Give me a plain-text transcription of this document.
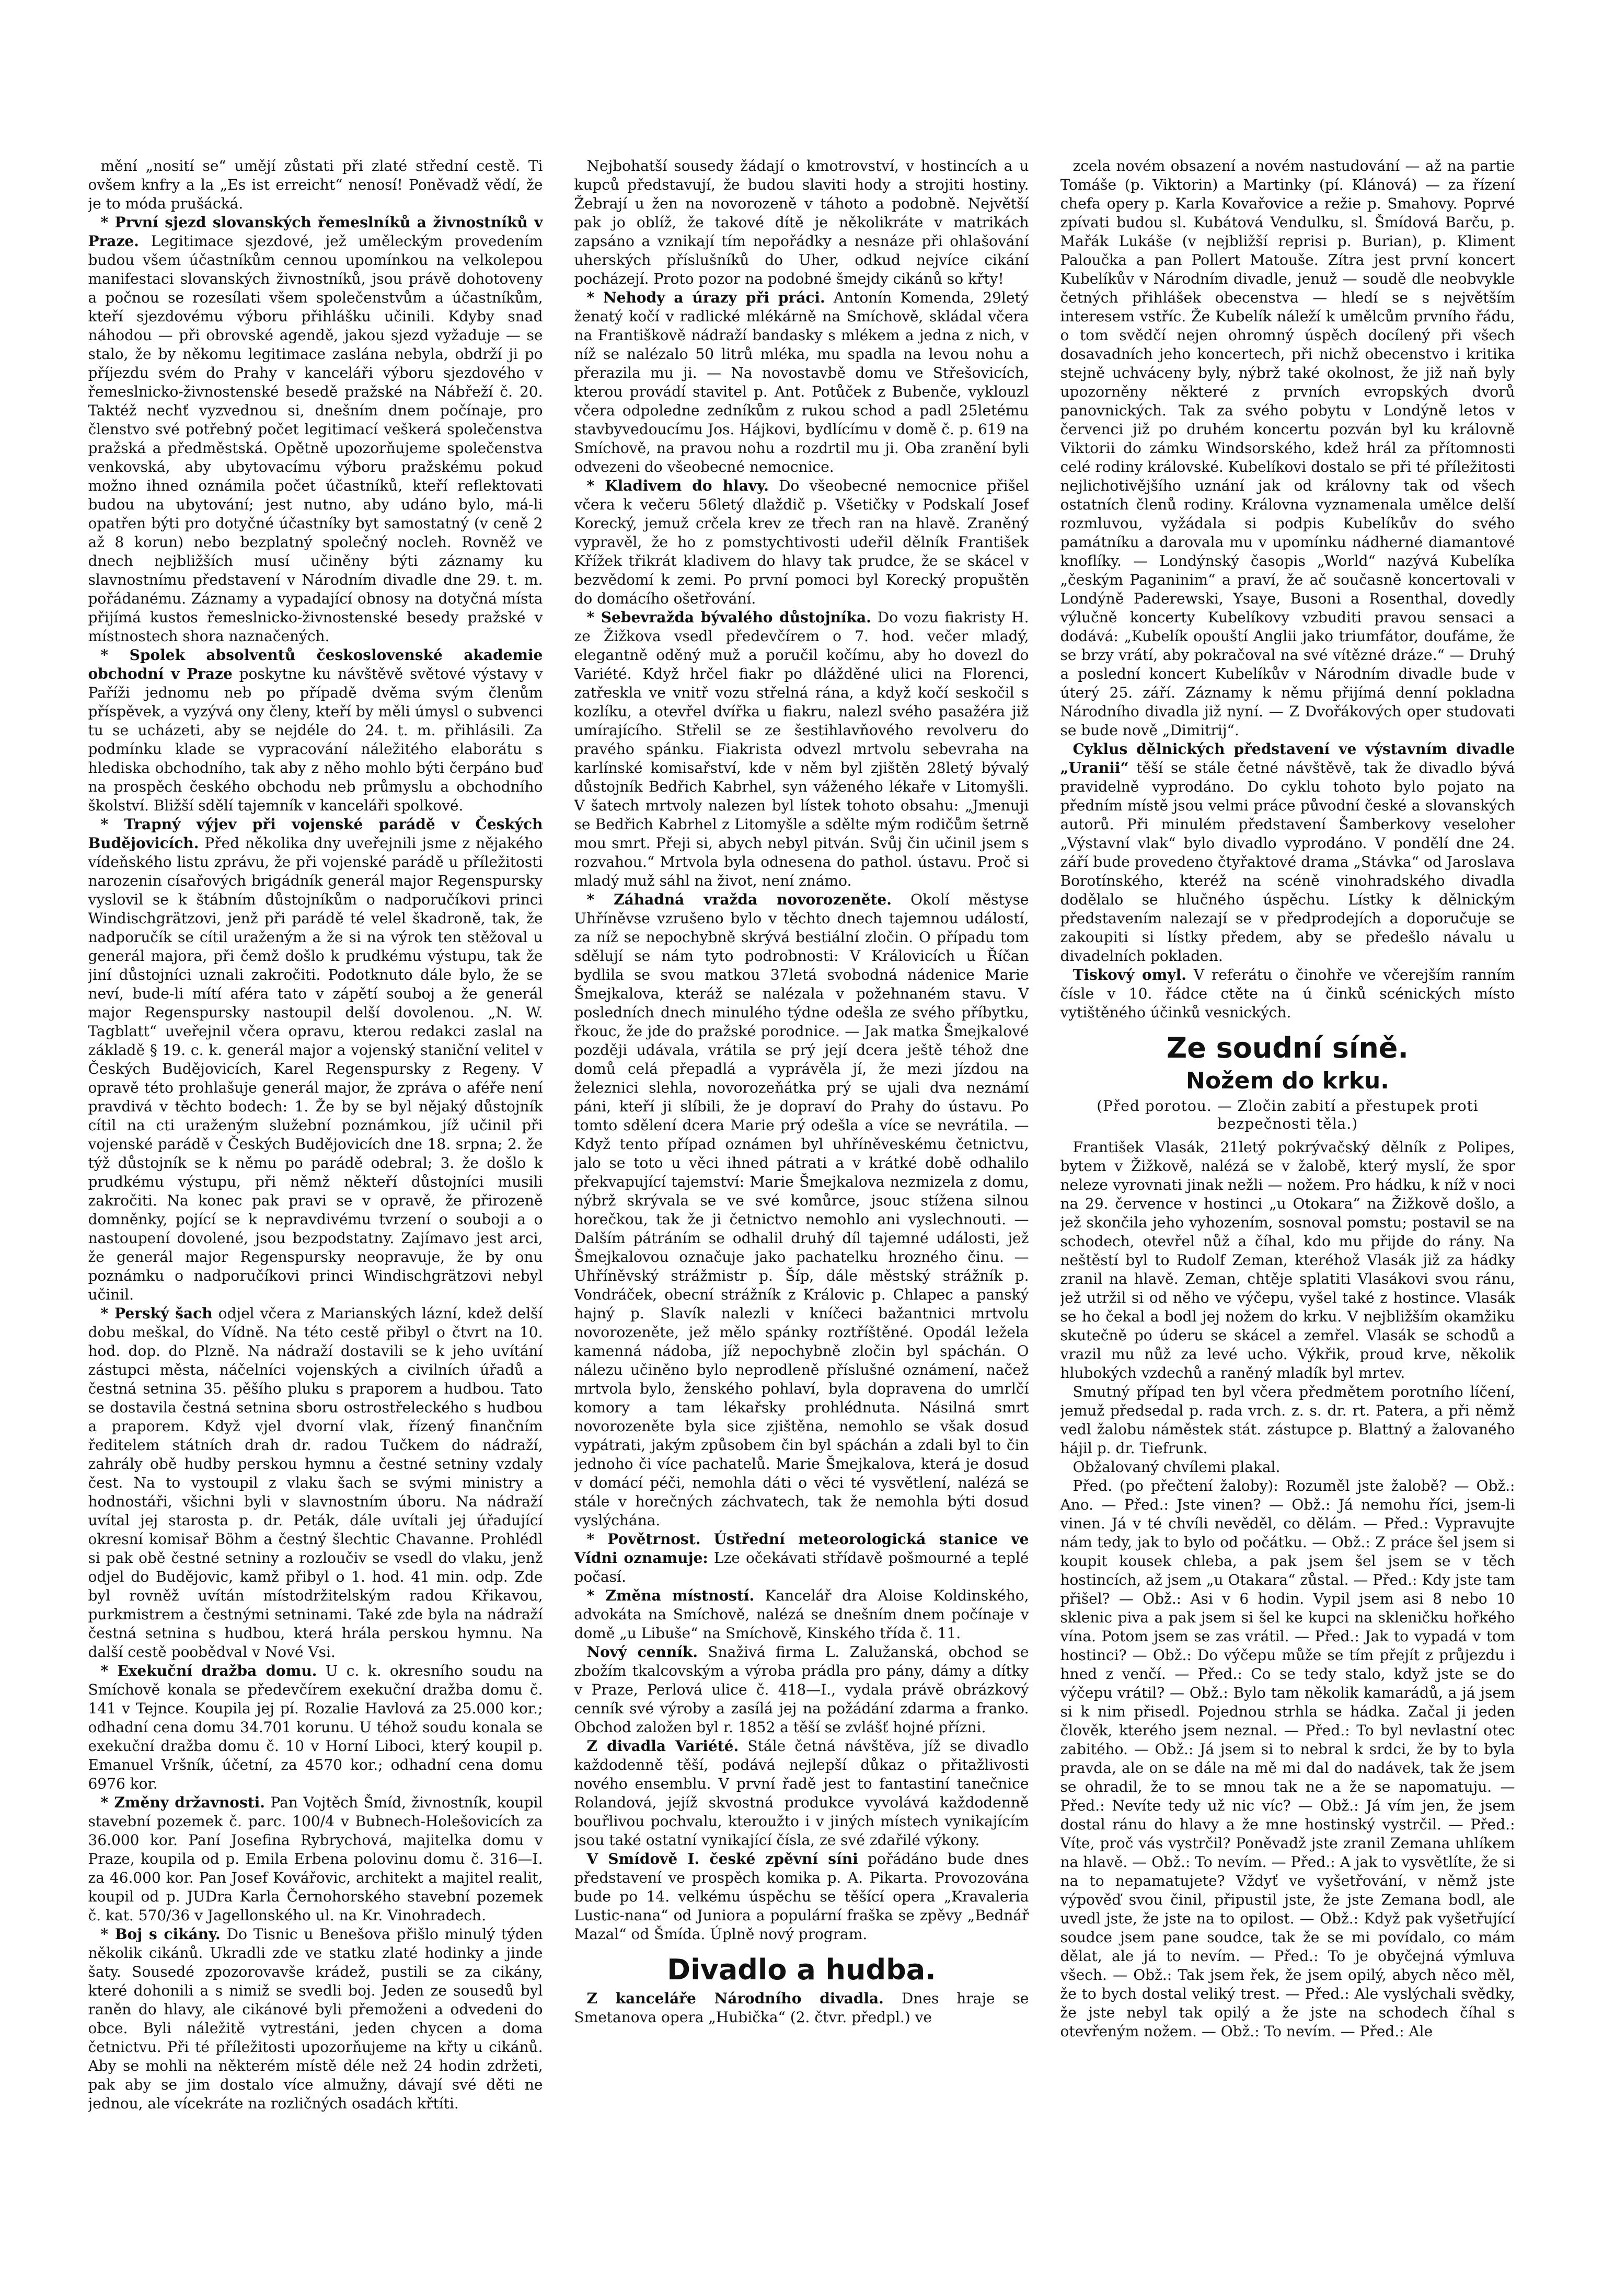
mění „nosití se“ umějí zůstati při zlaté střední cestě. Ti ovšem knfry a la „Es ist erreicht“ nenosí! Poněvadž vědí, že je to móda prušácká.

* První sjezd slovanských řemeslníků a živnostníků v Praze. Legitimace sjezdové, jež uměleckým provedením budou všem účastníkům cennou upomínkou na velkolepou manifestaci slovanských živnostníků, jsou právě dohotoveny a počnou se rozesílati všem společenstvům a účastníkům, kteří sjezdovému výboru přihlášku učinili. Kdyby snad náhodou — při obrovské agendě, jakou sjezd vyžaduje — se stalo, že by někomu legitimace zaslána nebyla, obdrží ji po příjezdu svém do Prahy v kanceláři výboru sjezdového v řemeslnicko-živnostenské besedě pražské na Nábřeží č. 20. Taktéž nechť vyzvednou si, dnešním dnem počínaje, pro členstvo své potřebný počet legitimací veškerá společenstva pražská a předměstská. Opětně upozorňujeme společenstva venkovská, aby ubytovacímu výboru pražskému pokud možno ihned oznámila počet účastníků, kteří reflektovati budou na ubytování; jest nutno, aby udáno bylo, má-li opatřen býti pro dotyčné účastníky byt samostatný (v ceně 2 až 8 korun) nebo bezplatný společný nocleh. Rovněž ve dnech nejbližších musí učiněny býti záznamy ku slavnostnímu představení v Národním divadle dne 29. t. m. pořádanému. Záznamy a vypadající obnosy na dotyčná místa přijímá kustos řemeslnicko-živnostenské besedy pražské v místnostech shora naznačených.

* Spolek absolventů československé akademie obchodní v Praze poskytne ku návštěvě světové výstavy v Paříži jednomu neb po případě dvěma svým členům příspěvek, a vyzývá ony členy, kteří by měli úmysl o subvenci tu se ucházeti, aby se nejdéle do 24. t. m. přihlásili. Za podmínku klade se vypracování náležitého elaborátu s hlediska obchodního, tak aby z něho mohlo býti čerpáno buď na prospěch českého obchodu neb průmyslu a obchodního školství. Bližší sdělí tajemník v kanceláři spolkové.

* Trapný výjev při vojenské parádě v Českých Budějovicích. Před několika dny uveřejnili jsme z nějakého vídeňského listu zprávu, že při vojenské parádě u příležitosti narozenin císařových brigádník generál major Regenspursky vyslovil se k štábním důstojníkům o nadporučíkovi princi Windischgrätzovi, jenž při parádě té velel škadroně, tak, že nadporučík se cítil uraženým a že si na výrok ten stěžoval u generál majora, při čemž došlo k prudkému výstupu, tak že jiní důstojníci uznali zakročiti. Podotknuto dále bylo, že se neví, bude-li mítí aféra tato v zápětí souboj a že generál major Regenspursky nastoupil delší dovolenou. „N. W. Tagblatt“ uveřejnil včera opravu, kterou redakci zaslal na základě § 19. c. k. generál major a vojenský staniční velitel v Českých Budějovicích, Karel Regenspursky z Regeny. V opravě této prohlašuje generál major, že zpráva o aféře není pravdivá v těchto bodech: 1. Že by se byl nějaký důstojník cítil na cti uraženým služební poznámkou, jíž učinil při vojenské parádě v Českých Budějovicích dne 18. srpna; 2. že týž důstojník se k němu po parádě odebral; 3. že došlo k prudkému výstupu, při němž někteří důstojníci musili zakročiti. Na konec pak pravi se v opravě, že přirozeně domněnky, pojící se k nepravdivému tvrzení o souboji a o nastoupení dovolené, jsou bezpodstatny. Zajímavo jest arci, že generál major Regenspursky neopravuje, že by onu poznámku o nadporučíkovi princi Windischgrätzovi nebyl učinil.

* Perský šach odjel včera z Marianských lázní, kdež delší dobu meškal, do Vídně. Na této cestě přibyl o čtvrt na 10. hod. dop. do Plzně. Na nádraží dostavili se k jeho uvítání zástupci města, náčelníci vojenských a civilních úřadů a čestná setnina 35. pěšího pluku s praporem a hudbou. Tato se dostavila čestná setnina sboru ostrostřeleckého s hudbou a praporem. Když vjel dvorní vlak, řízený finančním ředitelem státních drah dr. radou Tučkem do nádraží, zahrály obě hudby perskou hymnu a čestné setniny vzdaly čest. Na to vystoupil z vlaku šach se svými ministry a hodnostáři, všichni byli v slavnostním úboru. Na nádraží uvítal jej starosta p. dr. Peták, dále uvítali jej úřadující okresní komisař Böhm a čestný šlechtic Chavanne. Prohlédl si pak obě čestné setniny a rozloučiv se vsedl do vlaku, jenž odjel do Budějovic, kamž přibyl o 1. hod. 41 min. odp. Zde byl rovněž uvítán místodržitelským radou Křikavou, purkmistrem a čestnými setninami. Také zde byla na nádraží čestná setnina s hudbou, která hrála perskou hymnu. Na další cestě poobědval v Nové Vsi.

* Exekuční dražba domu. U c. k. okresního soudu na Smíchově konala se předevčírem exekuční dražba domu č. 141 v Tejnce. Koupila jej pí. Rozalie Havlová za 25.000 kor.; odhadní cena domu 34.701 korunu. U téhož soudu konala se exekuční dražba domu č. 10 v Horní Liboci, který koupil p. Emanuel Vršník, účetní, za 4570 kor.; odhadní cena domu 6976 kor.

* Změny državnosti. Pan Vojtěch Šmíd, živnostník, koupil stavební pozemek č. parc. 100/4 v Bubnech-Holešovicích za 36.000 kor. Paní Josefina Rybrychová, majitelka domu v Praze, koupila od p. Emila Erbena polovinu domu č. 316—I. za 46.000 kor. Pan Josef Kovářovic, architekt a majitel realit, koupil od p. JUDra Karla Černohorského stavební pozemek č. kat. 570/36 v Jagellonského ul. na Kr. Vinohradech.

* Boj s cikány. Do Tisnic u Benešova přišlo minulý týden několik cikánů. Ukradli zde ve statku zlaté hodinky a jinde šaty. Sousedé zpozorovavše krádež, pustili se za cikány, které dohonili a s nimiž se svedli boj. Jeden ze sousedů byl raněn do hlavy, ale cikánové byli přemoženi a odvedeni do obce. Byli náležitě vytrestáni, jeden chycen a doma četnictvu. Při té příležitosti upozorňujeme na křty u cikánů. Aby se mohli na některém místě déle než 24 hodin zdržeti, pak aby se jim dostalo více almužny, dávají své děti ne jednou, ale vícekráte na rozličných osadách křtíti.

Nejbohatší sousedy žádají o kmotrovství, v hostincích a u kupců představují, že budou slaviti hody a strojiti hostiny. Žebrají u žen na novorozeně v táhoto a podobně. Největší pak jo oblíž, že takové dítě je několikráte v matrikách zapsáno a vznikají tím nepořádky a nesnáze při ohlašování uherských příslušníků do Uher, odkud nejvíce cikání pocházejí. Proto pozor na podobné šmejdy cikánů so křty!

* Nehody a úrazy při práci. Antonín Komenda, 29letý ženatý kočí v radlické mlékárně na Smíchově, skládal včera na Františkově nádraží bandasky s mlékem a jedna z nich, v níž se nalézalo 50 litrů mléka, mu spadla na levou nohu a přerazila mu ji. — Na novostavbě domu ve Střešovicích, kterou provádí stavitel p. Ant. Potůček z Bubenče, vyklouzl včera odpoledne zedníkům z rukou schod a padl 25letému stavbyvedoucímu Jos. Hájkovi, bydlícímu v domě č. p. 619 na Smíchově, na pravou nohu a rozdrtil mu ji. Oba zranění byli odvezeni do všeobecné nemocnice.

* Kladivem do hlavy. Do všeobecné nemocnice přišel včera k večeru 56letý dlaždič p. Všetičky v Podskalí Josef Korecký, jemuž crčela krev ze třech ran na hlavě. Zraněný vypravěl, že ho z pomstychtivosti udeřil dělník František Křížek třikrát kladivem do hlavy tak prudce, že se skácel v bezvědomí k zemi. Po první pomoci byl Korecký propuštěn do domácího ošetřování.

* Sebevražda bývalého důstojníka. Do vozu fiakristy H. ze Žižkova vsedl předevčírem o 7. hod. večer mladý, elegantně oděný muž a poručil kočímu, aby ho dovezl do Variété. Když hrčel fiakr po dlážděné ulici na Florenci, zatřeskla ve vnitř vozu střelná rána, a když kočí seskočil s kozlíku, a otevřel dvířka u fiakru, nalezl svého pasažéra již umírajícího. Střelil se ze šestihlavňového revolveru do pravého spánku. Fiakrista odvezl mrtvolu sebevraha na karlínské komisařství, kde v něm byl zjištěn 28letý bývalý důstojník Bedřich Kabrhel, syn váženého lékaře v Litomyšli. V šatech mrtvoly nalezen byl lístek tohoto obsahu: „Jmenuji se Bedřich Kabrhel z Litomyšle a sdělte mým rodičům šetrně mou smrt. Přeji si, abych nebyl pitván. Svůj čin učinil jsem s rozvahou.“ Mrtvola byla odnesena do pathol. ústavu. Proč si mladý muž sáhl na život, není známo.

* Záhadná vražda novorozeněte. Okolí městyse Uhříněvse vzrušeno bylo v těchto dnech tajemnou událostí, za níž se nepochybně skrývá bestiální zločin. O případu tom sdělují se nám tyto podrobnosti: V Královicích u Říčan bydlila se svou matkou 37letá svobodná nádenice Marie Šmejkalova, kteráž se nalézala v požehnaném stavu. V posledních dnech minulého týdne odešla ze svého příbytku, řkouc, že jde do pražské porodnice. — Jak matka Šmejkalové později udávala, vrátila se prý její dcera ještě téhož dne domů celá přepadlá a vyprávěla jí, že mezi jízdou na železnici slehla, novorozeňátka prý se ujali dva neznámí páni, kteří ji slíbili, že je dopraví do Prahy do ústavu. Po tomto sdělení dcera Marie prý odešla a více se nevrátila. — Když tento případ oznámen byl uhříněveskému četnictvu, jalo se toto u věci ihned pátrati a v krátké době odhalilo překvapující tajemství: Marie Šmejkalova nezmizela z domu, nýbrž skrývala se ve své komůrce, jsouc stížena silnou horečkou, tak že ji četnictvo nemohlo ani vyslechnouti. — Dalším pátráním se odhalil druhý díl tajemné události, jež Šmejkalovou označuje jako pachatelku hrozného činu. — Uhříněvský strážmistr p. Šíp, dále městský strážník p. Vondráček, obecní strážník z Královic p. Chlapec a panský hajný p. Slavík nalezli v kníčeci bažantnici mrtvolu novorozeněte, jež mělo spánky roztříštěné. Opodál ležela kamenná nádoba, jíž nepochybně zločin byl spáchán. O nálezu učiněno bylo neprodleně příslušné oznámení, načež mrtvola bylo, ženského pohlaví, byla dopravena do umrlčí komory a tam lékařsky prohlédnuta. Násilná smrt novorozeněte byla sice zjištěna, nemohlo se však dosud vypátrati, jakým způsobem čin byl spáchán a zdali byl to čin jednoho či více pachatelů. Marie Šmejkalova, která je dosud v domácí péči, nemohla dáti o věci té vysvětlení, nalézá se stále v horečných záchvatech, tak že nemohla býti dosud vyslýchána.

* Povětrnost. Ústřední meteorologická stanice ve Vídni oznamuje: Lze očekávati střídavě pošmourné a teplé počasí.

* Změna místností. Kancelář dra Aloise Koldinského, advokáta na Smíchově, nalézá se dnešním dnem počínaje v domě „u Libuše“ na Smíchově, Kinského třída č. 11.

Nový cenník. Snaživá firma L. Zalužanská, obchod se zbožím tkalcovským a výroba prádla pro pány, dámy a dítky v Praze, Perlová ulice č. 418—I., vydala právě obrázkový cenník své výroby a zasílá jej na požádání zdarma a franko. Obchod založen byl r. 1852 a těší se zvlášť hojné přízni.

Z divadla Variété. Stále četná návštěva, jíž se divadlo každodenně těší, podává nejlepší důkaz o přitažlivosti nového ensemblu. V první řadě jest to fantastiní tanečnice Rolandová, jejíž skvostná produkce vyvolává každodenně bouřlivou pochvalu, kteroužto i v jiných místech vynikajícím jsou také ostatní vynikající čísla, ze své zdařilé výkony.

V Smídově I. české zpěvní síni pořádáno bude dnes představení ve prospěch komika p. A. Pikarta. Provozována bude po 14. velkému úspěchu se těšící opera „Kravaleria Lustic-nana“ od Juniora a populární fraška se zpěvy „Bednář Mazal“ od Šmída. Úplně nový program.

Divadlo a hudba.

Z kanceláře Národního divadla. Dnes hraje se Smetanova opera „Hubička“ (2. čtvr. předpl.) ve

zcela novém obsazení a novém nastudování — až na partie Tomáše (p. Viktorin) a Martinky (pí. Klánová) — za řízení chefa opery p. Karla Kovařovice a režie p. Smahovy. Poprvé zpívati budou sl. Kubátová Vendulku, sl. Šmídová Barču, p. Mařák Lukáše (v nejbližší reprisi p. Burian), p. Kliment Paloučka a pan Pollert Matouše. Zítra jest první koncert Kubelíkův v Národním divadle, jenuž — soudě dle neobvykle četných přihlášek obecenstva — hledí se s největším interesem vstříc. Že Kubelík náleží k umělcům prvního řádu, o tom svědčí nejen ohromný úspěch docílený při všech dosavadních jeho koncertech, při nichž obecenstvo i kritika stejně uchváceny byly, nýbrž také okolnost, že již naň byly upozorněny některé z prvních evropských dvorů panovnických. Tak za svého pobytu v Londýně letos v červenci již po druhém koncertu pozván byl ku královně Viktorii do zámku Windsorského, kdež hrál za přítomnosti celé rodiny královské. Kubelíkovi dostalo se při té příležitosti nejlichotivějšího uznání jak od královny tak od všech ostatních členů rodiny. Královna vyznamenala umělce delší rozmluvou, vyžádala si podpis Kubelíkův do svého památníku a darovala mu v upomínku nádherné diamantové knoflíky. — Londýnský časopis „World“ nazývá Kubelíka „českým Paganinim“ a praví, že ač současně koncertovali v Londýně Paderewski, Ysaye, Busoni a Rosenthal, dovedly výlučně koncerty Kubelíkovy vzbuditi pravou sensaci a dodává: „Kubelík opouští Anglii jako triumfátor, doufáme, že se brzy vrátí, aby pokračoval na své vítězné dráze.“ — Druhý a poslední koncert Kubelíkův v Národním divadle bude v úterý 25. září. Záznamy k němu přijímá denní pokladna Národního divadla již nyní. — Z Dvořákových oper studovati se bude nově „Dimitrij“.

Cyklus dělnických představení ve výstavním divadle „Uranii“ těší se stále četné návštěvě, tak že divadlo bývá pravidelně vyprodáno. Do cyklu tohoto bylo pojato na předním místě jsou velmi práce původní české a slovanských autorů. Při minulém představení Šamberkovy veseloher „Výstavní vlak“ bylo divadlo vyprodáno. V pondělí dne 24. září bude provedeno čtyřaktové drama „Stávka“ od Jaroslava Borotínského, kteréž na scéně vinohradského divadla dodělalo se hlučného úspěchu. Lístky k dělnickým představením nalezají se v předprodejích a doporučuje se zakoupiti si lístky předem, aby se předešlo návalu u divadelních pokladen.

Tiskový omyl. V referátu o činohře ve včerejším ranním čísle v 10. řádce ctěte na ú činků scénických místo vytištěného účinků vesnických.

Ze soudní síně.
Nožem do krku.
(Před porotou. — Zločin zabití a přestupek proti bezpečnosti těla.)

František Vlasák, 21letý pokrývačský dělník z Polipes, bytem v Žižkově, nalézá se v žalobě, který myslí, že spor neleze vyrovnati jinak nežli — nožem. Pro hádku, k níž v noci na 29. července v hostinci „u Otokara“ na Žižkově došlo, a jež skončila jeho vyhozením, sosnoval pomstu; postavil se na schodech, otevřel nůž a číhal, kdo mu přijde do rány. Na neštěstí byl to Rudolf Zeman, kteréhož Vlasák již za hádky zranil na hlavě. Zeman, chtěje splatiti Vlasákovi svou ránu, jež utržil si od něho ve výčepu, vyšel také z hostince. Vlasák se ho čekal a bodl jej nožem do krku. V nejbližším okamžiku skutečně po úderu se skácel a zemřel. Vlasák se schodů a vrazil mu nůž za levé ucho. Výkřik, proud krve, několik hlubokých vzdechů a raněný mladík byl mrtev.

Smutný případ ten byl včera předmětem porotního líčení, jemuž předsedal p. rada vrch. z. s. dr. rt. Patera, a při němž vedl žalobu náměstek stát. zástupce p. Blattný a žalovaného hájil p. dr. Tiefrunk.

Obžalovaný chvílemi plakal.

Před. (po přečtení žaloby): Rozuměl jste žalobě? — Obž.: Ano. — Před.: Jste vinen? — Obž.: Já nemohu říci, jsem-li vinen. Já v té chvíli nevěděl, co dělám. — Před.: Vypravujte nám tedy, jak to bylo od počátku. — Obž.: Z práce šel jsem si koupit kousek chleba, a pak jsem šel jsem se v těch hostincích, až jsem „u Otakara“ zůstal. — Před.: Kdy jste tam přišel? — Obž.: Asi v 6 hodin. Vypil jsem asi 8 nebo 10 sklenic piva a pak jsem si šel ke kupci na skleničku hořkého vína. Potom jsem se zas vrátil. — Před.: Jak to vypadá v tom hostinci? — Obž.: Do výčepu může se tím přejít z průjezdu i hned z venčí. — Před.: Co se tedy stalo, když jste se do výčepu vrátil? — Obž.: Bylo tam několik kamarádů, a já jsem si k nim přisedl. Pojednou strhla se hádka. Začal ji jeden člověk, kterého jsem neznal. — Před.: To byl nevlastní otec zabitého. — Obž.: Já jsem si to nebral k srdci, že by to byla pravda, ale on se dále na mě mi dal do nadávek, tak že jsem se ohradil, že to se mnou tak ne a že se napomatuju. — Před.: Nevíte tedy už nic víc? — Obž.: Já vím jen, že jsem dostal ránu do hlavy a že mne hostinský vystrčil. — Před.: Víte, proč vás vystrčil? Poněvadž jste zranil Zemana uhlíkem na hlavě. — Obž.: To nevím. — Před.: A jak to vysvětlíte, že si na to nepamatujete? Vždyť ve vyšetřování, v němž jste výpověď svou činil, připustil jste, že jste Zemana bodl, ale uvedl jste, že jste na to opilost. — Obž.: Když pak vyšetřující soudce jsem pane soudce, tak že se mi povídalo, co mám dělat, ale já to nevím. — Před.: To je obyčejná výmluva všech. — Obž.: Tak jsem řek, že jsem opilý, abych něco měl, že to bych dostal veliký trest. — Před.: Ale vyslýchali svědky, že jste nebyl tak opilý a že jste na schodech číhal s otevřeným nožem. — Obž.: To nevím. — Před.: Ale
